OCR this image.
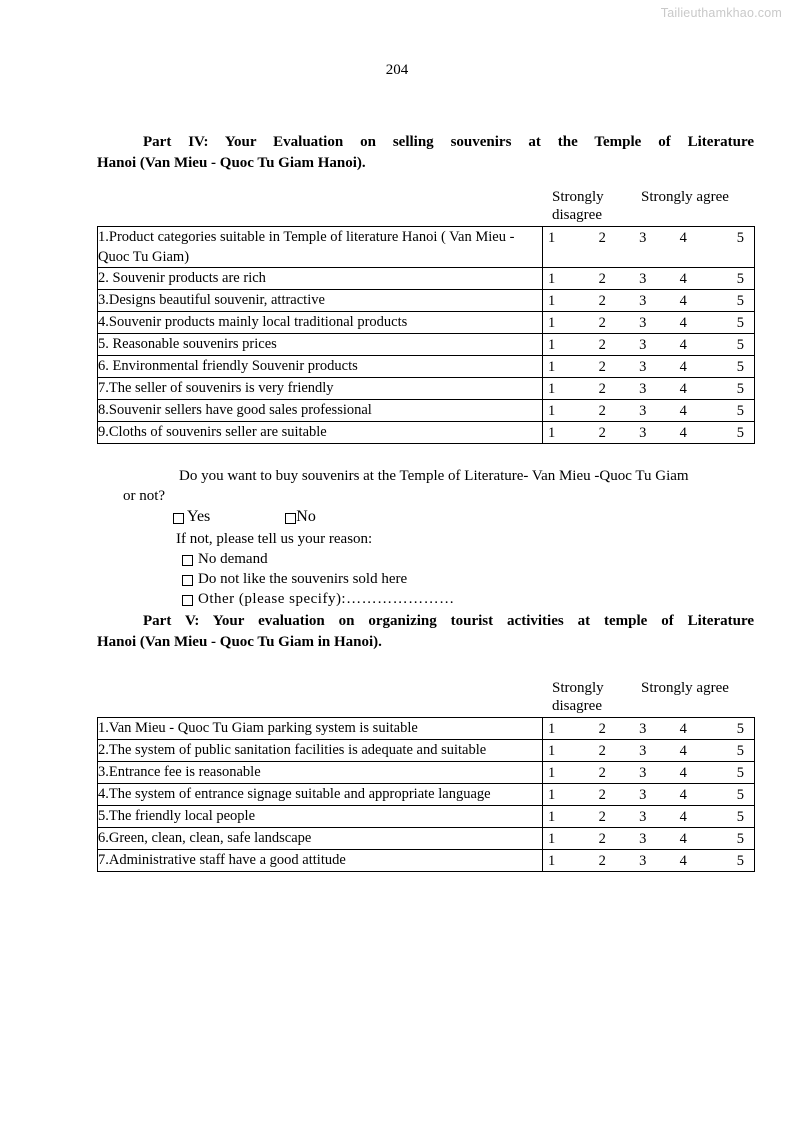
Tailieuthamkhao.com
204
Part IV: Your Evaluation on selling souvenirs at the Temple of Literature
Hanoi (Van Mieu - Quoc Tu Giam Hanoi).
Strongly disagree
Strongly agree
1.Product categories suitable in Temple of literature Hanoi ( Van Mieu - Quoc Tu Giam)	1 2 3 4 5

2. Souvenir products are rich	1 2 3 4 5

3.Designs beautiful souvenir, attractive	1 2 3 4 5

4.Souvenir products mainly local traditional products	1 2 3 4 5

5. Reasonable souvenirs prices	1 2 3 4 5

6. Environmental friendly Souvenir products	1 2 3 4 5

7.The seller of souvenirs is very friendly	1 2 3 4 5

8.Souvenir sellers have good sales professional	1 2 3 4 5

9.Cloths of souvenirs seller are suitable	1 2 3 4 5
Do you want to buy souvenirs at the Temple of Literature- Van Mieu -Quoc Tu Giam
or not?
Yes	No
If not, please tell us your reason:
No demand
Do not like the souvenirs sold here
Other (please specify):…………………
Part V: Your evaluation on organizing tourist activities at temple of Literature
Hanoi (Van Mieu - Quoc Tu Giam in Hanoi).
Strongly disagree
Strongly agree
1.Van Mieu - Quoc Tu Giam parking system is suitable	1 2 3 4 5

2.The system of public sanitation facilities is adequate and suitable	1 2 3 4 5

3.Entrance fee is reasonable	1 2 3 4 5

4.The system of entrance signage suitable and appropriate language	1 2 3 4 5

5.The friendly local people	1 2 3 4 5

6.Green, clean, clean, safe landscape	1 2 3 4 5

7.Administrative staff have a good attitude	1 2 3 4 5
